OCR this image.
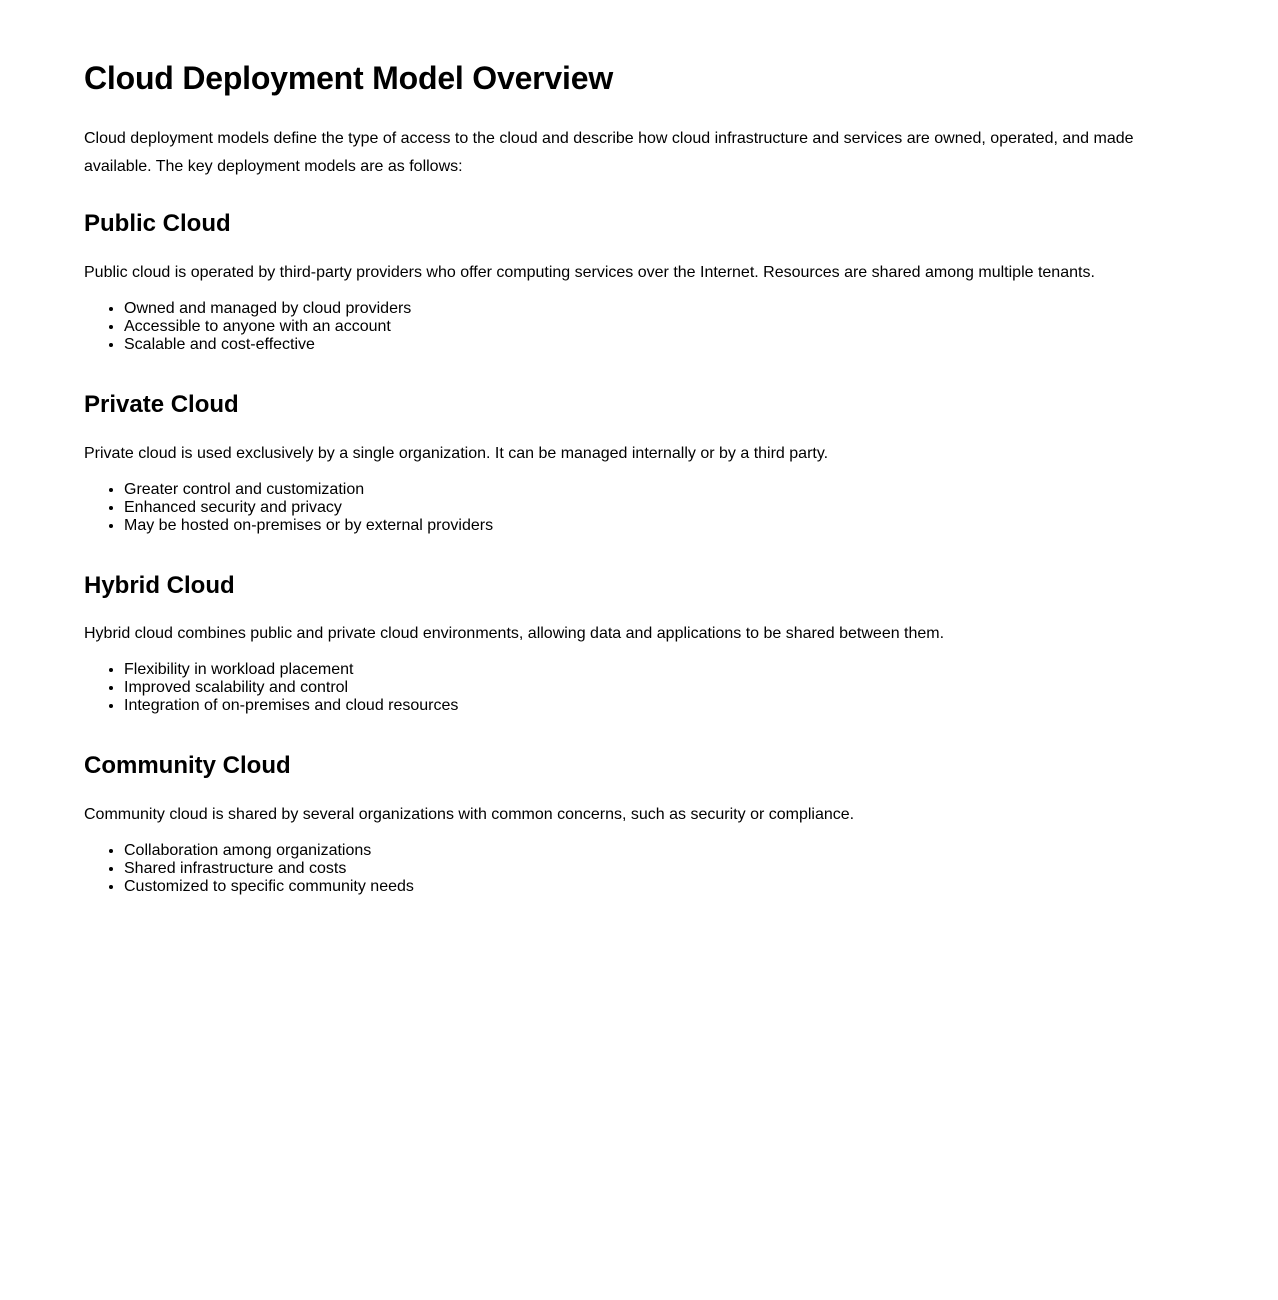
Cloud Deployment Model Overview

Cloud deployment models define the type of access to the cloud and describe how cloud infrastructure and services are owned, operated, and made available. The key deployment models are as follows:

Public Cloud

Public cloud is operated by third-party providers who offer computing services over the Internet. Resources are shared among multiple tenants.

• Owned and managed by cloud providers
• Accessible to anyone with an account
• Scalable and cost-effective
Private Cloud

Private cloud is used exclusively by a single organization. It can be managed internally or by a third party.

• Greater control and customization
• Enhanced security and privacy
• May be hosted on-premises or by external providers
Hybrid Cloud

Hybrid cloud combines public and private cloud environments, allowing data and applications to be shared between them.

• Flexibility in workload placement
• Improved scalability and control
• Integration of on-premises and cloud resources
Community Cloud

Community cloud is shared by several organizations with common concerns, such as security or compliance.

• Collaboration among organizations
• Shared infrastructure and costs
• Customized to specific community needs
